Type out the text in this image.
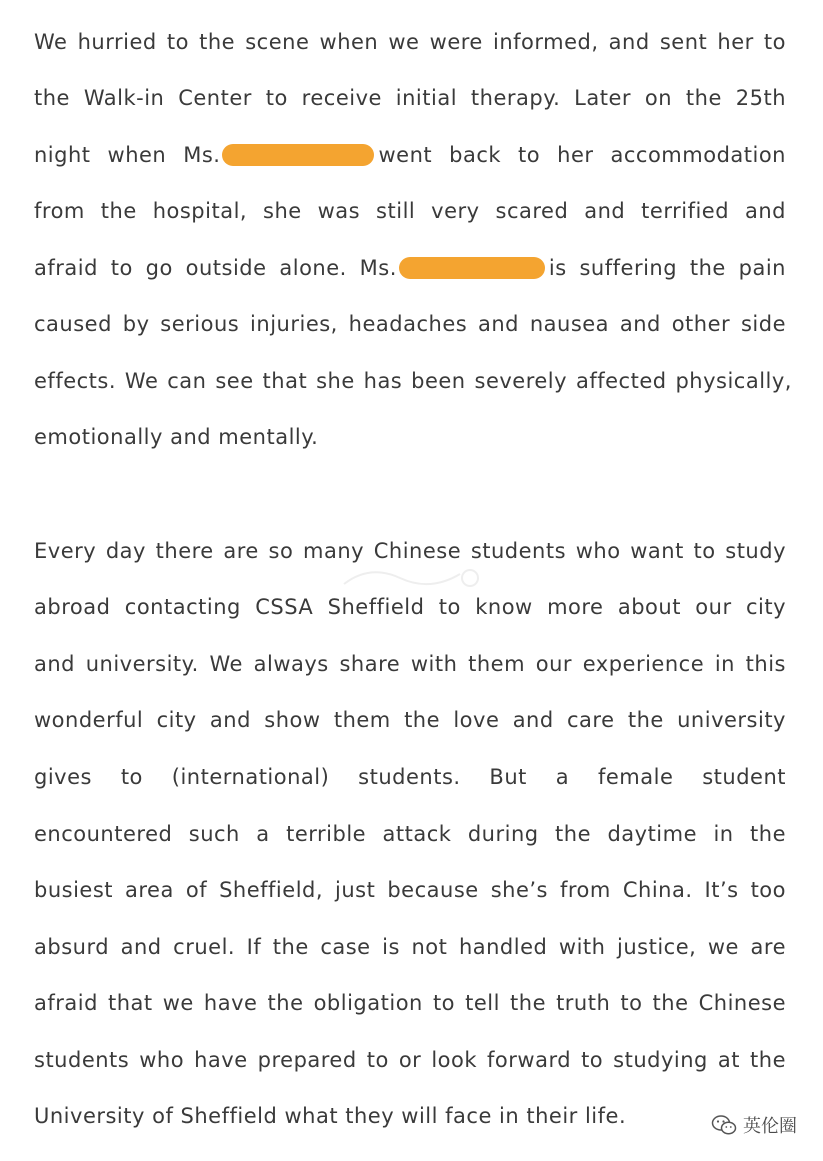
We hurried to the scene when we were informed, and sent her to
the Walk-in Center to receive initial therapy. Later on the 25th
night when Ms.	went back to her accommodation
from the hospital, she was still very scared and terrified and
afraid to go outside alone. Ms.	is suffering the pain
caused by serious injuries, headaches and nausea and other side
effects. We can see that she has been severely affected physically,
emotionally and mentally.
Every day there are so many Chinese students who want to study
abroad contacting CSSA Sheffield to know more about our city
and university. We always share with them our experience in this
wonderful city and show them the love and care the university
gives to (international) students. But a female student
encountered such a terrible attack during the daytime in the
busiest area of Sheffield, just because she’s from China. It’s too
absurd and cruel. If the case is not handled with justice, we are
afraid that we have the obligation to tell the truth to the Chinese
students who have prepared to or look forward to studying at the
University of Sheffield what they will face in their life.	英伦圈
